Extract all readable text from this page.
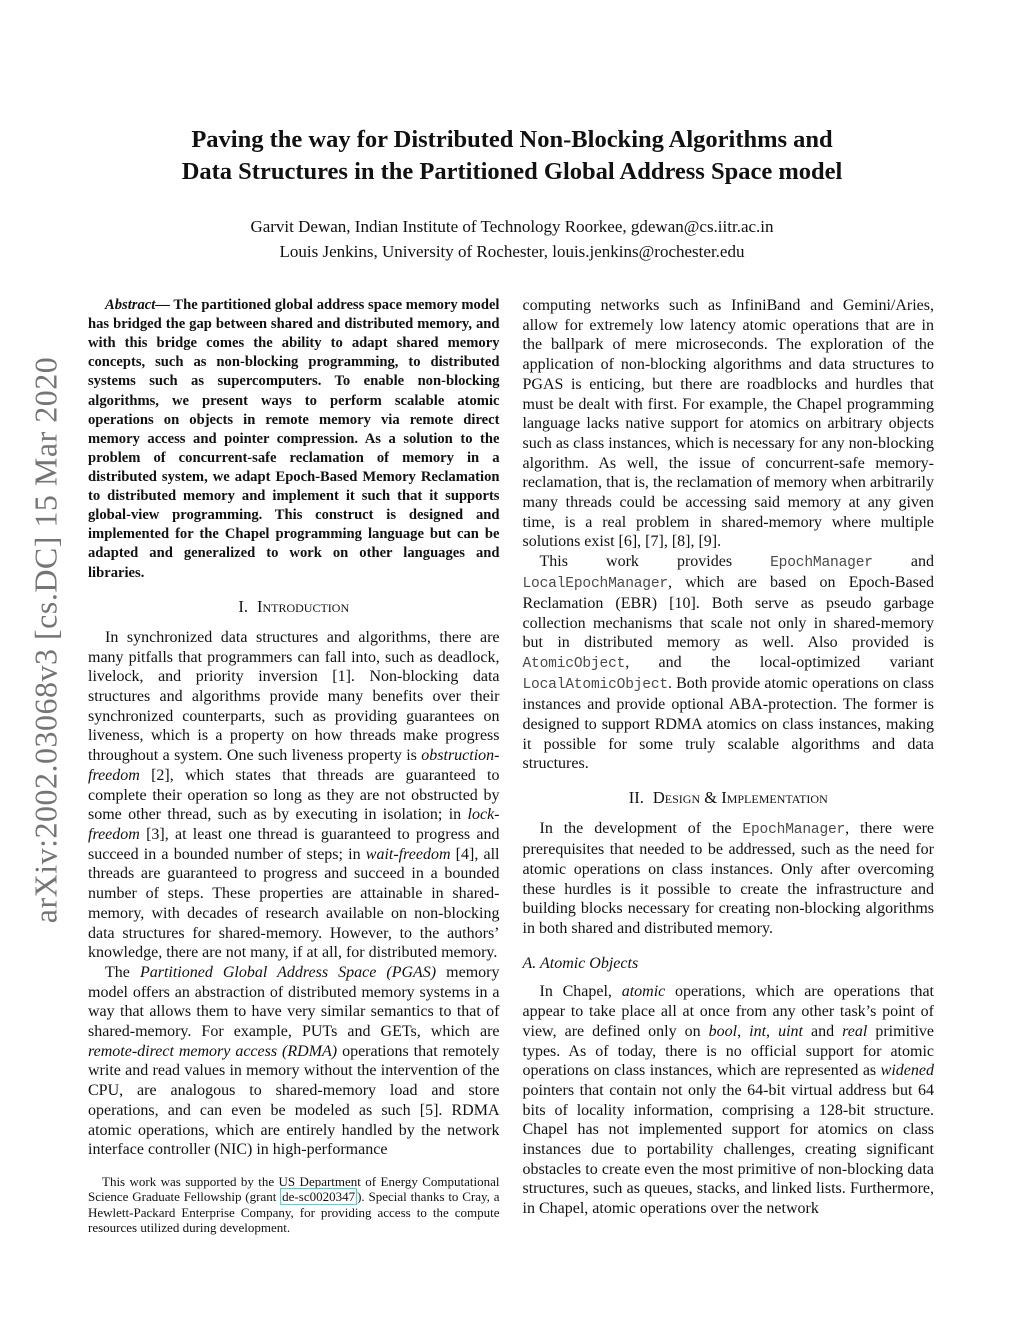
arXiv:2002.03068v3 [cs.DC] 15 Mar 2020
Paving the way for Distributed Non-Blocking Algorithms and
Data Structures in the Partitioned Global Address Space model
Garvit Dewan, Indian Institute of Technology Roorkee, gdewan@cs.iitr.ac.in
Louis Jenkins, University of Rochester, louis.jenkins@rochester.edu

Abstract— The partitioned global address space memory model has bridged the gap between shared and distributed memory, and with this bridge comes the ability to adapt shared memory concepts, such as non-blocking programming, to distributed systems such as supercomputers. To enable non-blocking algorithms, we present ways to perform scalable atomic operations on objects in remote memory via remote direct memory access and pointer compression. As a solution to the problem of concurrent-safe reclamation of memory in a distributed system, we adapt Epoch-Based Memory Reclamation to distributed memory and implement it such that it supports global-view programming. This construct is designed and implemented for the Chapel programming language but can be adapted and generalized to work on other languages and libraries.

I. Introduction

In synchronized data structures and algorithms, there are many pitfalls that programmers can fall into, such as deadlock, livelock, and priority inversion [1]. Non-blocking data structures and algorithms provide many benefits over their synchronized counterparts, such as providing guarantees on liveness, which is a property on how threads make progress throughout a system. One such liveness property is obstruction-freedom [2], which states that threads are guaranteed to complete their operation so long as they are not obstructed by some other thread, such as by executing in isolation; in lock-freedom [3], at least one thread is guaranteed to progress and succeed in a bounded number of steps; in wait-freedom [4], all threads are guaranteed to progress and succeed in a bounded number of steps. These properties are attainable in shared-memory, with decades of research available on non-blocking data structures for shared-memory. However, to the authors’ knowledge, there are not many, if at all, for distributed memory.

The Partitioned Global Address Space (PGAS) memory model offers an abstraction of distributed memory systems in a way that allows them to have very similar semantics to that of shared-memory. For example, PUTs and GETs, which are remote-direct memory access (RDMA) operations that remotely write and read values in memory without the intervention of the CPU, are analogous to shared-memory load and store operations, and can even be modeled as such [5]. RDMA atomic operations, which are entirely handled by the network interface controller (NIC) in high-performance

This work was supported by the US Department of Energy Computational Science Graduate Fellowship (grant de-sc0020347 ). Special thanks to Cray, a Hewlett-Packard Enterprise Company, for providing access to the compute resources utilized during development.

computing networks such as InfiniBand and Gemini/Aries, allow for extremely low latency atomic operations that are in the ballpark of mere microseconds. The exploration of the application of non-blocking algorithms and data structures to PGAS is enticing, but there are roadblocks and hurdles that must be dealt with first. For example, the Chapel programming language lacks native support for atomics on arbitrary objects such as class instances, which is necessary for any non-blocking algorithm. As well, the issue of concurrent-safe memory-reclamation, that is, the reclamation of memory when arbitrarily many threads could be accessing said memory at any given time, is a real problem in shared-memory where multiple solutions exist [6], [7], [8], [9].

This work provides EpochManager and LocalEpochManager, which are based on Epoch-Based Reclamation (EBR) [10]. Both serve as pseudo garbage collection mechanisms that scale not only in shared-memory but in distributed memory as well. Also provided is AtomicObject, and the local-optimized variant LocalAtomicObject. Both provide atomic operations on class instances and provide optional ABA-protection. The former is designed to support RDMA atomics on class instances, making it possible for some truly scalable algorithms and data structures.

II. Design & Implementation

In the development of the EpochManager, there were prerequisites that needed to be addressed, such as the need for atomic operations on class instances. Only after overcoming these hurdles is it possible to create the infrastructure and building blocks necessary for creating non-blocking algorithms in both shared and distributed memory.

A. Atomic Objects

In Chapel, atomic operations, which are operations that appear to take place all at once from any other task’s point of view, are defined only on bool, int, uint and real primitive types. As of today, there is no official support for atomic operations on class instances, which are represented as widened pointers that contain not only the 64-bit virtual address but 64 bits of locality information, comprising a 128-bit structure. Chapel has not implemented support for atomics on class instances due to portability challenges, creating significant obstacles to create even the most primitive of non-blocking data structures, such as queues, stacks, and linked lists. Furthermore, in Chapel, atomic operations over the network
